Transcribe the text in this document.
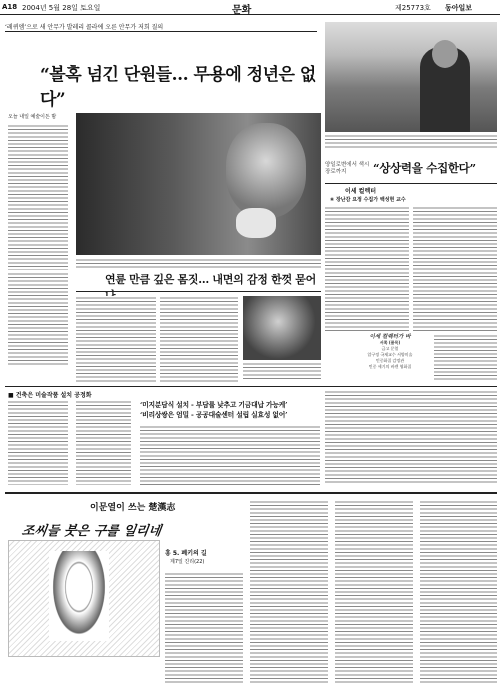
A18 2004년 5월 28일 토요일	문화	제25773호 동아일보
‘레퀴엠’으로 새 안무가 발레리 콜라에 오른 안무가 저희 질의
“볼혹 넘긴 단원들… 무용에 정년은 없다”
오늘 내일 예술이든 밤
연륜 만큼 깊은 몸짓… 내면의 감정 한껏 묻어
양일로변에서 색시장로까지	“상상력을 수집한다”
이세 컬렉터
⑥ 장난감 요정 수집가 백성현 교수
이세 컬렉터가 바
서쪽 (품목)
금고 문열
압구정 국제교수 서양미술
민중화집 감정관
민중 세기의 바겐 영화집
■ 건축은 미술작품 설치 공정화
‘미지분담식 설치 - 부담률 낮추고 기금대납 가능케’
‘비리상쌍은 엄밀 - 공공대술센터 설립 실효성 없어’
이문열이 쓰는 楚漢志
조씨들 붓은 구를 일리네
흥 5. 폐키의 길
제7일 진리(22)
